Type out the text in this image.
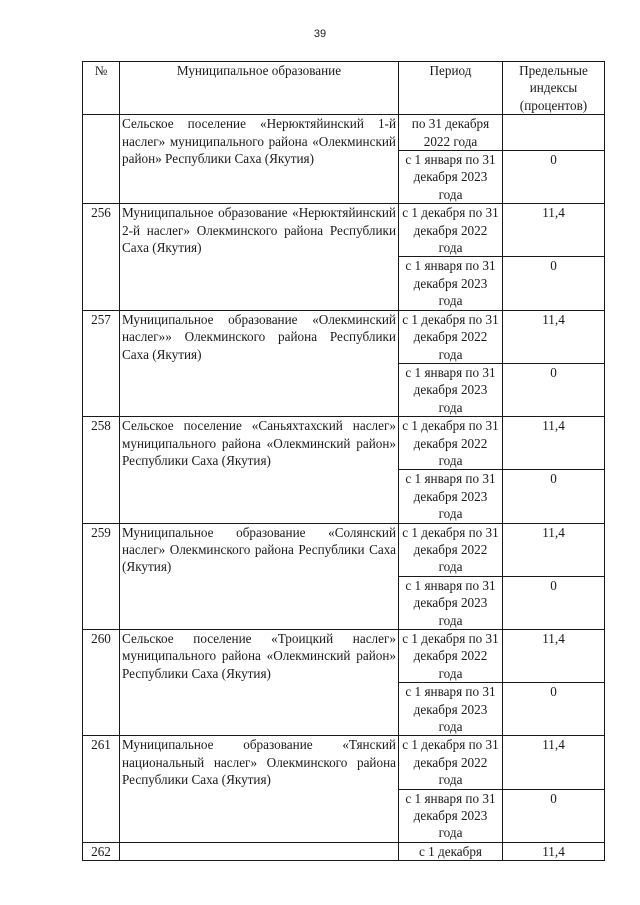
39
№	Муниципальное образование	Период	Предельные индексы (процентов)
	Сельское поселение «Нерюктяйинский 1-й наслег» муниципального района «Олекминский район» Республики Саха (Якутия)	по 31 декабря 2022 года	
		с 1 января по 31 декабря 2023 года	0
256	Муниципальное образование «Нерюктяйинский 2-й наслег» Олекминского района Республики Саха (Якутия)	с 1 декабря по 31 декабря 2022 года	11,4
		с 1 января по 31 декабря 2023 года	0
257	Муниципальное образование «Олекминский наслег»» Олекминского района Республики Саха (Якутия)	с 1 декабря по 31 декабря 2022 года	11,4
		с 1 января по 31 декабря 2023 года	0
258	Сельское поселение «Саньяхтахский наслег» муниципального района «Олекминский район» Республики Саха (Якутия)	с 1 декабря по 31 декабря 2022 года	11,4
		с 1 января по 31 декабря 2023 года	0
259	Муниципальное образование «Солянский наслег» Олекминского района Республики Саха (Якутия)	с 1 декабря по 31 декабря 2022 года	11,4
		с 1 января по 31 декабря 2023 года	0
260	Сельское поселение «Троицкий наслег» муниципального района «Олекминский район» Республики Саха (Якутия)	с 1 декабря по 31 декабря 2022 года	11,4
		с 1 января по 31 декабря 2023 года	0
261	Муниципальное образование «Тянский национальный наслег» Олекминского района Республики Саха (Якутия)	с 1 декабря по 31 декабря 2022 года	11,4
		с 1 января по 31 декабря 2023 года	0
262		с 1 декабря	11,4
